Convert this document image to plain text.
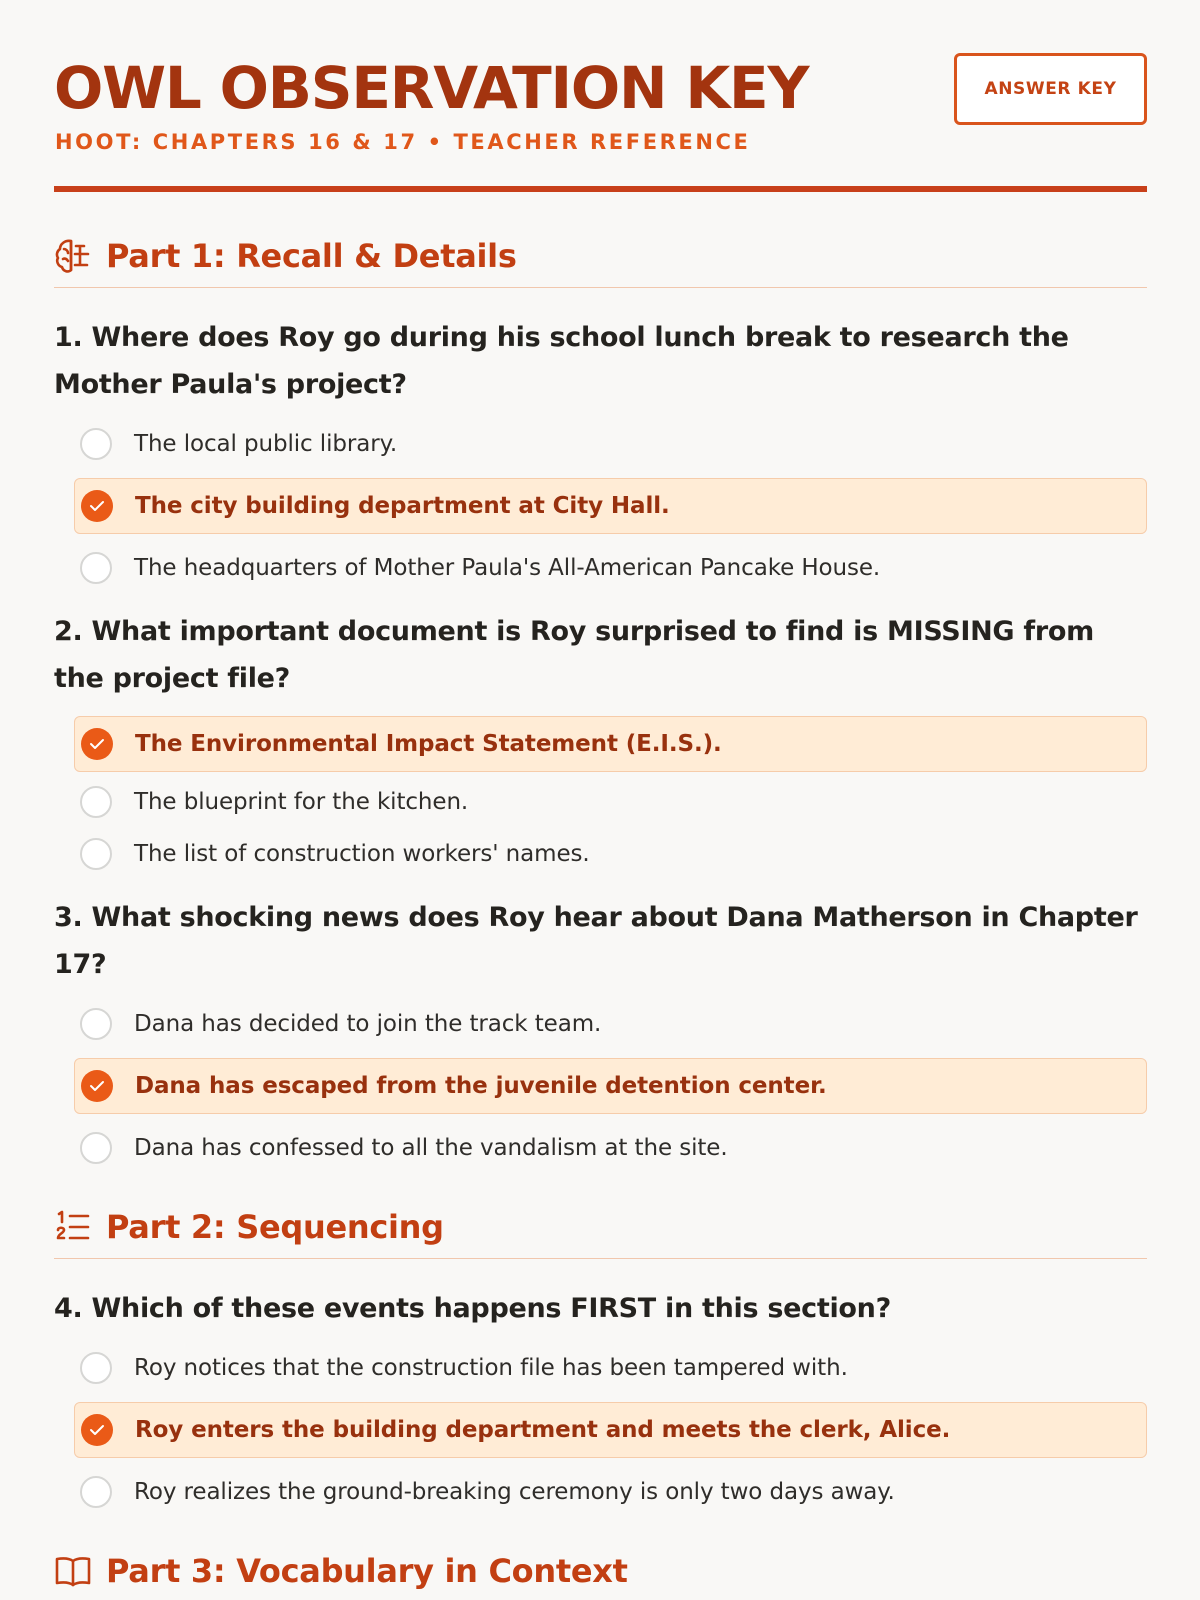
OWL OBSERVATION KEY
HOOT: CHAPTERS 16 & 17 • TEACHER REFERENCE
ANSWER KEY
Part 1: Recall & Details

1. Where does Roy go during his school lunch break to research the Mother Paula's project?

The local public library.
The city building department at City Hall.
The headquarters of Mother Paula's All-American Pancake House.

2. What important document is Roy surprised to find is MISSING from the project file?

The Environmental Impact Statement (E.I.S.).
The blueprint for the kitchen.
The list of construction workers' names.

3. What shocking news does Roy hear about Dana Matherson in Chapter 17?

Dana has decided to join the track team.
Dana has escaped from the juvenile detention center.
Dana has confessed to all the vandalism at the site.
Part 2: Sequencing

4. Which of these events happens FIRST in this section?

Roy notices that the construction file has been tampered with.
Roy enters the building department and meets the clerk, Alice.
Roy realizes the ground-breaking ceremony is only two days away.
Part 3: Vocabulary in Context
